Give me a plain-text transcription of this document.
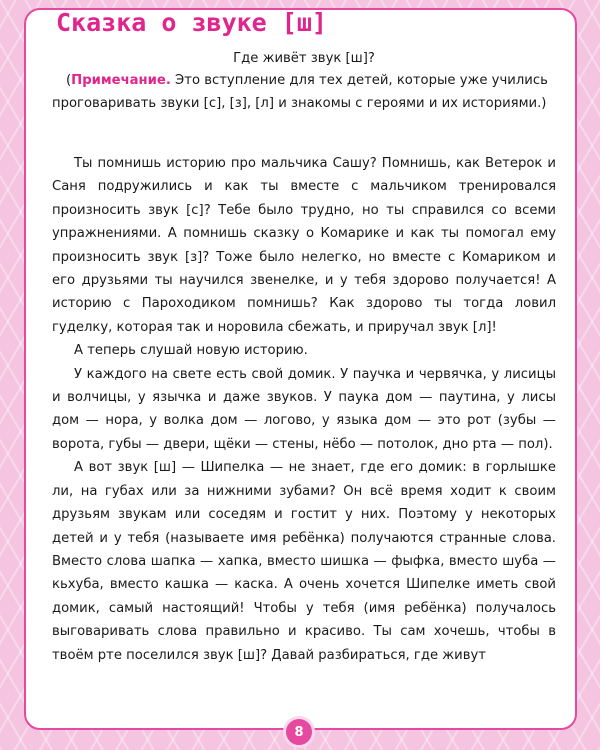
Сказка о звуке [ш]

Где живёт звук [ш]?

(Примечание. Это вступление для тех детей, которые уже учились проговаривать звуки [с], [з], [л] и знакомы с героями и их историями.)

Ты помнишь историю про мальчика Сашу? Помнишь, как Ветерок и Саня подружились и как ты вместе с мальчиком тренировался произносить звук [с]? Тебе было трудно, но ты справился со всеми упражнениями. А помнишь сказку о Комарике и как ты помогал ему произносить звук [з]? Тоже было нелегко, но вместе с Комариком и его друзьями ты научился звенелке, и у тебя здорово получается! А историю с Пароходиком помнишь? Как здорово ты тогда ловил гуделку, которая так и норовила сбежать, и приручал звук [л]!

А теперь слушай новую историю.

У каждого на свете есть свой домик. У паучка и червячка, у лисицы и волчицы, у язычка и даже звуков. У паука дом — паутина, у лисы дом — нора, у волка дом — логово, у языка дом — это рот (зубы — ворота, губы — двери, щёки — стены, нёбо — потолок, дно рта — пол).

А вот звук [ш] — Шипелка — не знает, где его домик: в горлышке ли, на губах или за нижними зубами? Он всё время ходит к своим друзьям звукам или соседям и гостит у них. Поэтому у некоторых детей и у тебя (называете имя ребёнка) получаются странные слова. Вместо слова шапка — хапка, вместо шишка — фыфка, вместо шуба — кьхуба, вместо кашка — каска. А очень хочется Шипелке иметь свой домик, самый настоящий! Чтобы у тебя (имя ребёнка) получалось выговаривать слова правильно и красиво. Ты сам хочешь, чтобы в твоём рте поселился звук [ш]? Давай разбираться, где живут

8
